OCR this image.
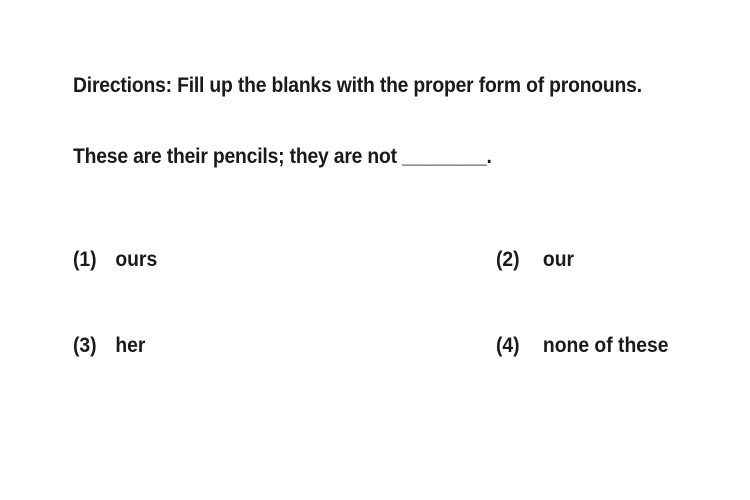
Directions: Fill up the blanks with the proper form of pronouns.
These are their pencils; they are not ________.
(1) ours	(2) our
(3) her	(4) none of these
